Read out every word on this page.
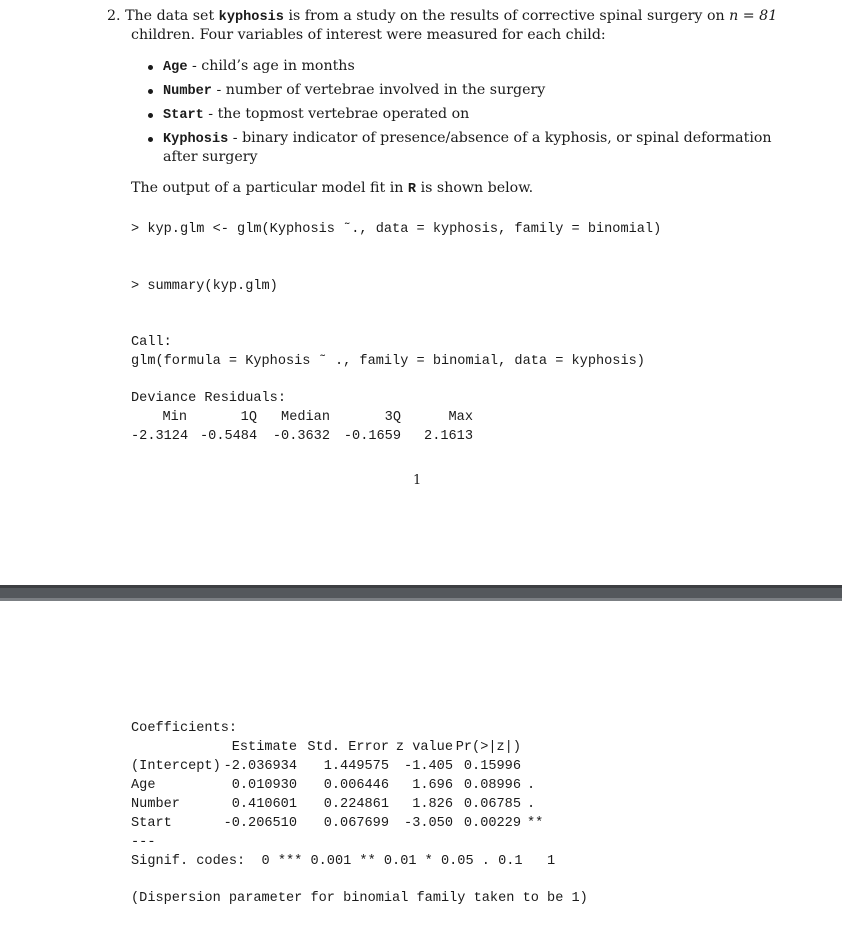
2. The data set kyphosis is from a study on the results of corrective spinal surgery on n = 81
children. Four variables of interest were measured for each child:
Age - child’s age in months
Number - number of vertebrae involved in the surgery
Start - the topmost vertebrae operated on
Kyphosis - binary indicator of presence/absence of a kyphosis, or spinal deformation
after surgery
The output of a particular model fit in R is shown below.
> kyp.glm <- glm(Kyphosis ˜., data = kyphosis, family = binomial)
> summary(kyp.glm)
Call:
glm(formula = Kyphosis ˜ ., family = binomial, data = kyphosis)
Deviance Residuals:
Min	1Q	Median	3Q	Max
-2.3124 -0.5484 -0.3632 -0.1659	2.1613
1
Coefficients:
	Estimate	Std. Error	z value	Pr(>|z|)	
(Intercept)	-2.036934	1.449575	-1.405	0.15996	
Age	0.010930	0.006446	1.696	0.08996	.
Number	0.410601	0.224861	1.826	0.06785	.
Start	-0.206510	0.067699	-3.050	0.00229	**
---
Signif. codes:  0 *** 0.001 ** 0.01 * 0.05 . 0.1   1
(Dispersion parameter for binomial family taken to be 1)
